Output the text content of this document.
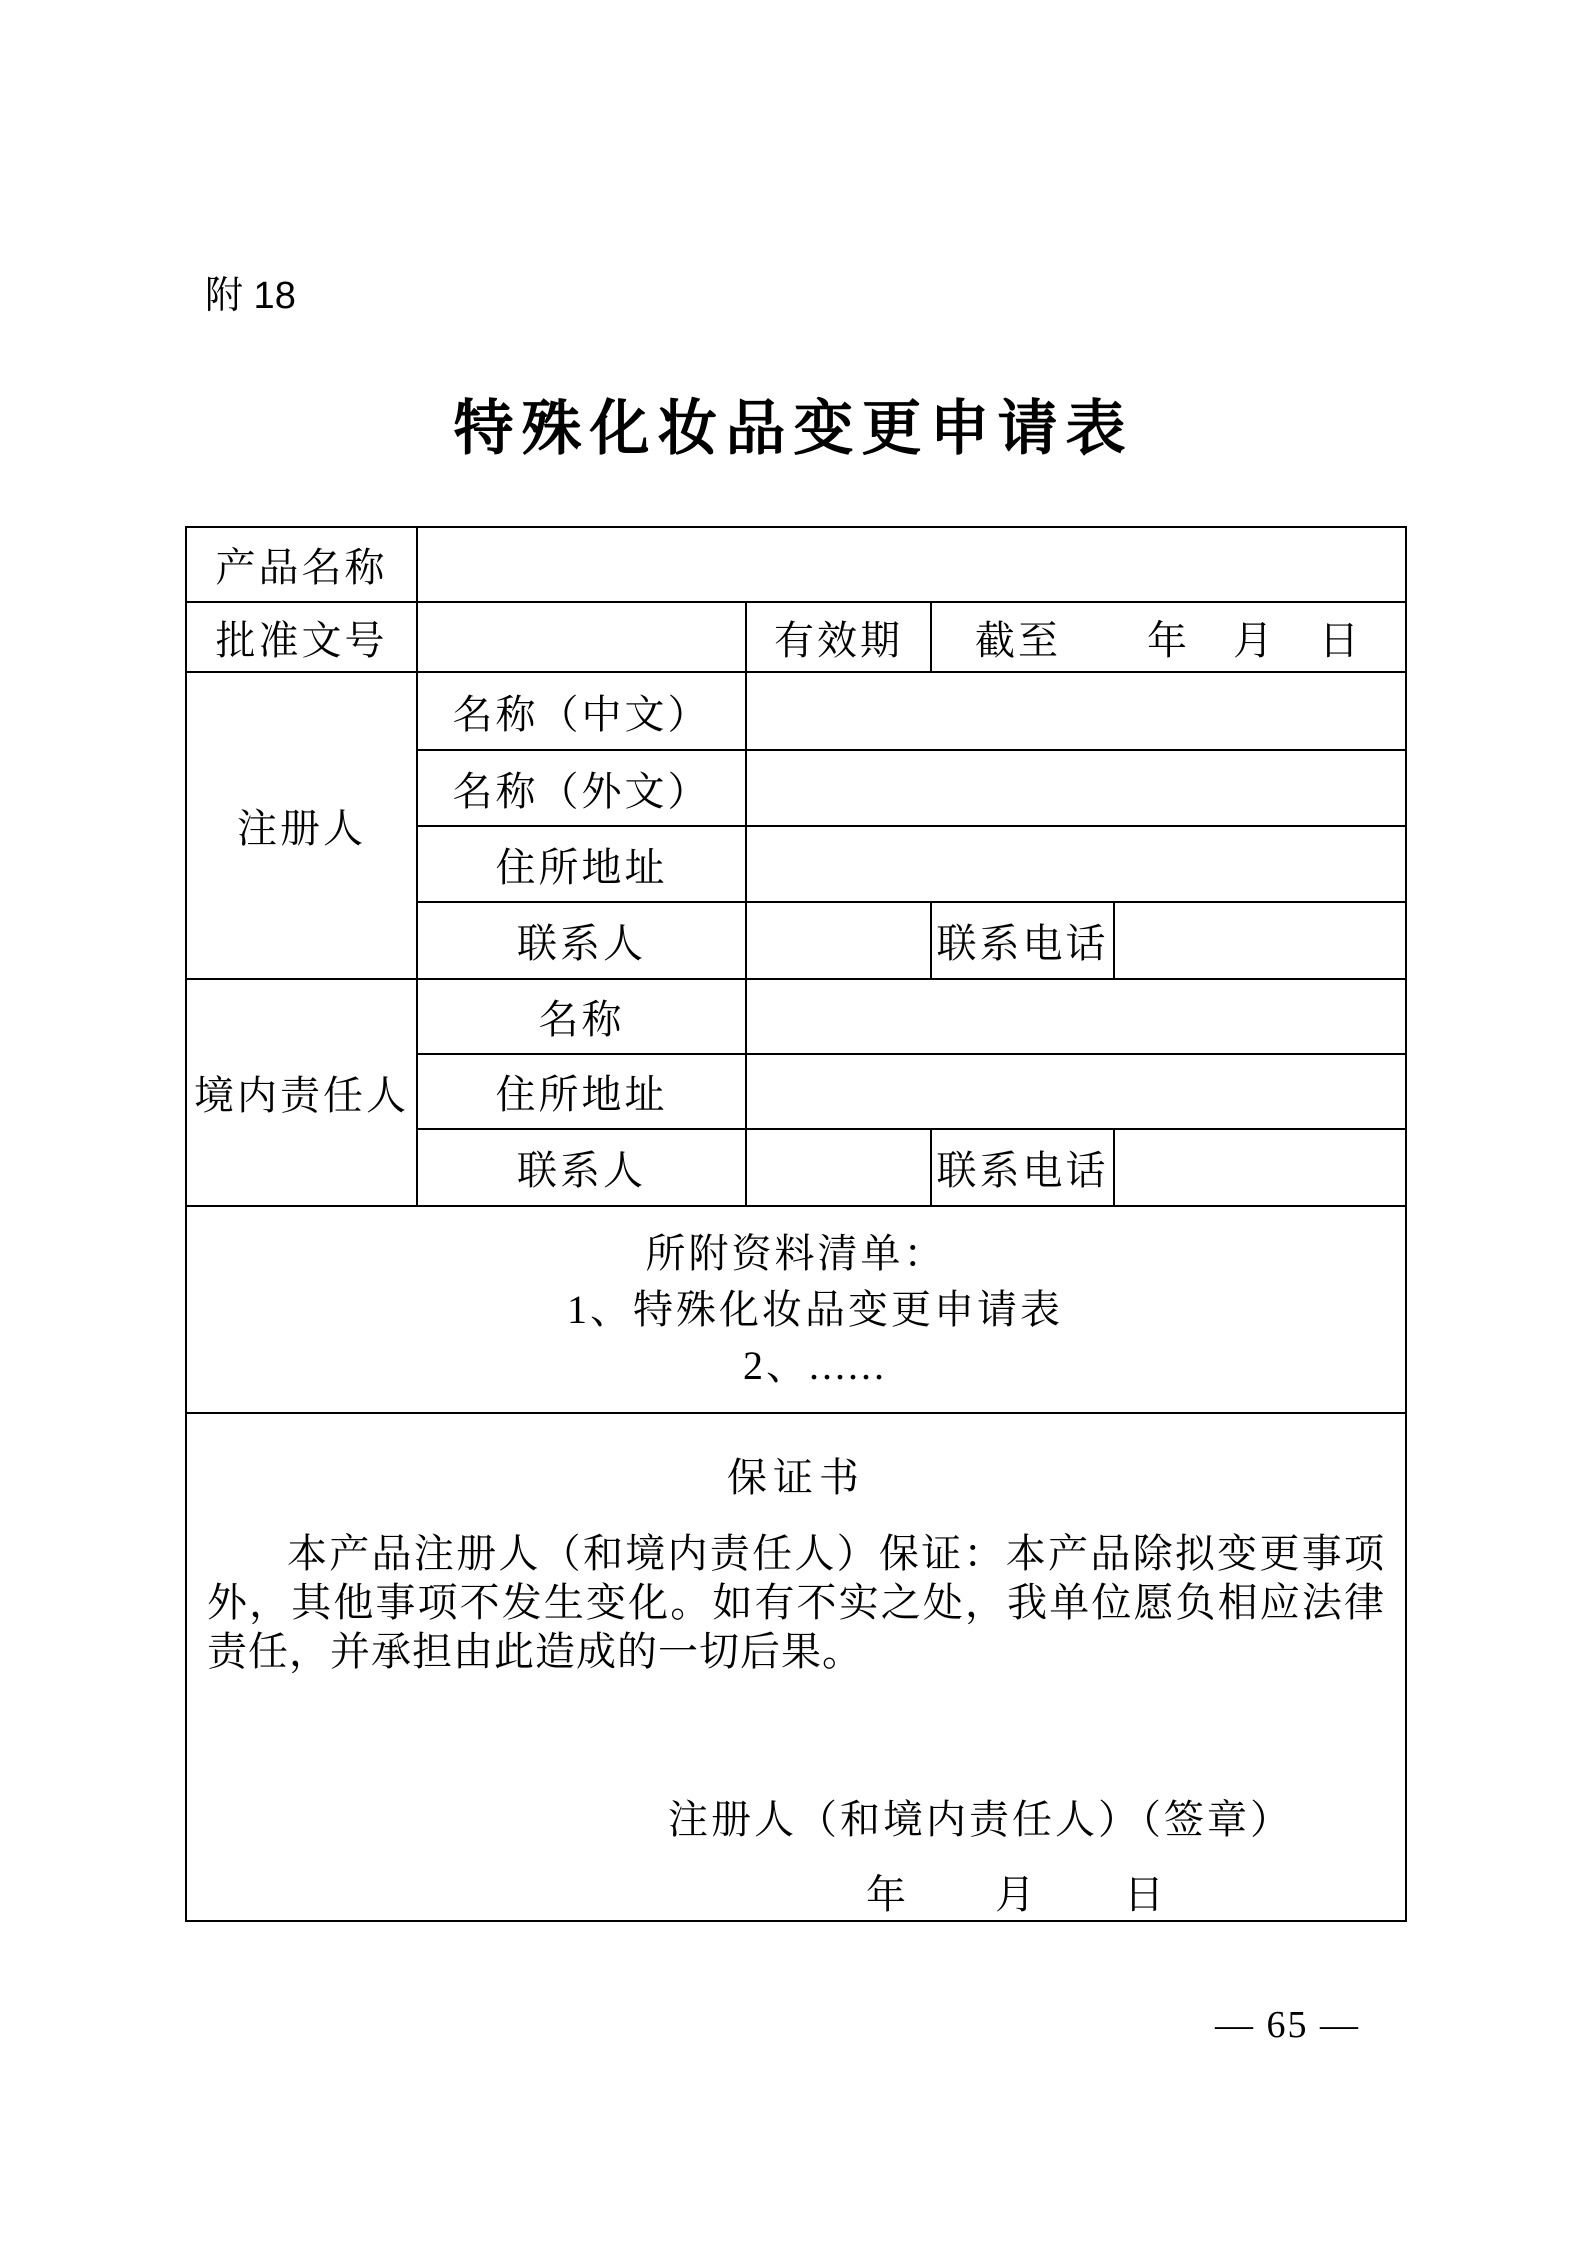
附 18
特殊化妆品变更申请表
产品名称				
批准文号		有效期	截至　　年　月　日	
注册人	名称（中文）			
	名称（外文）			
	住所地址			
	联系人		联系电话	
境内责任人	名称			
	住所地址			
	联系人		联系电话	

所附资料清单：
1、特殊化妆品变更申请表
2、......				

保证书
本产品注册人（和境内责任人）保证：本产品除拟变更事项外，其他事项不发生变化。如有不实之处，我单位愿负相应法律责任，并承担由此造成的一切后果。
注册人（和境内责任人）（签章）
年　　月　　日				
— 65 —
